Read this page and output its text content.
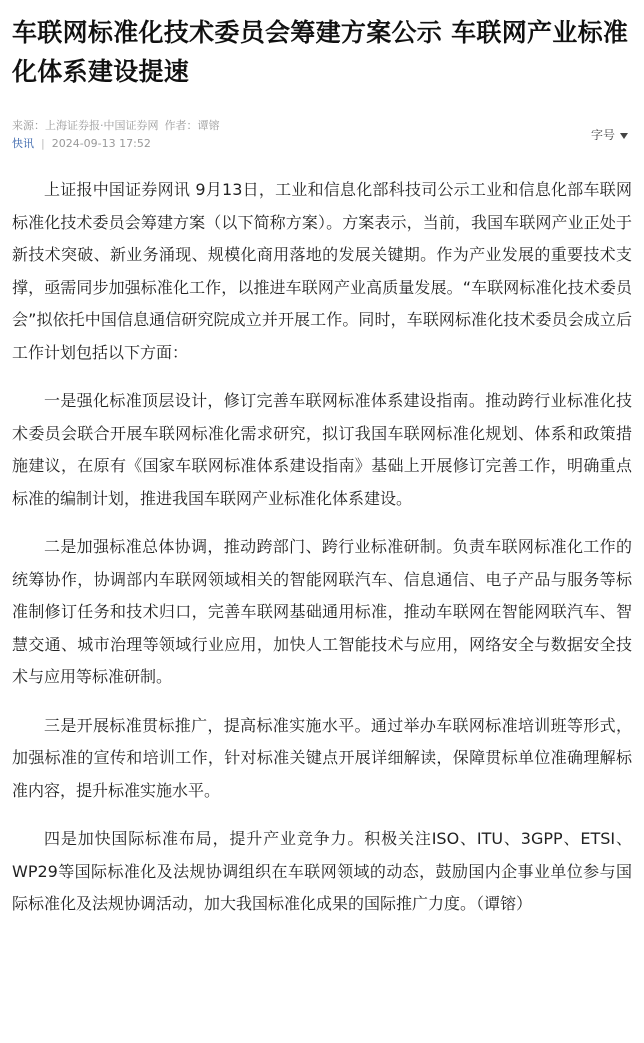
车联网标准化技术委员会筹建方案公示 车联网产业标准化体系建设提速
来源：上海证券报·中国证券网 作者：谭镕
快讯 | 2024-09-13 17:52
字号

上证报中国证券网讯 9月13日，工业和信息化部科技司公示工业和信息化部车联网标准化技术委员会筹建方案（以下简称方案）。方案表示，当前，我国车联网产业正处于新技术突破、新业务涌现、规模化商用落地的发展关键期。作为产业发展的重要技术支撑，亟需同步加强标准化工作，以推进车联网产业高质量发展。“车联网标准化技术委员会”拟依托中国信息通信研究院成立并开展工作。同时，车联网标准化技术委员会成立后工作计划包括以下方面：

一是强化标准顶层设计，修订完善车联网标准体系建设指南。推动跨行业标准化技术委员会联合开展车联网标准化需求研究，拟订我国车联网标准化规划、体系和政策措施建议，在原有《国家车联网标准体系建设指南》基础上开展修订完善工作，明确重点标准的编制计划，推进我国车联网产业标准化体系建设。

二是加强标准总体协调，推动跨部门、跨行业标准研制。负责车联网标准化工作的统筹协作，协调部内车联网领域相关的智能网联汽车、信息通信、电子产品与服务等标准制修订任务和技术归口，完善车联网基础通用标准，推动车联网在智能网联汽车、智慧交通、城市治理等领域行业应用，加快人工智能技术与应用，网络安全与数据安全技术与应用等标准研制。

三是开展标准贯标推广，提高标准实施水平。通过举办车联网标准培训班等形式，加强标准的宣传和培训工作，针对标准关键点开展详细解读，保障贯标单位准确理解标准内容，提升标准实施水平。

四是加快国际标准布局，提升产业竞争力。积极关注ISO、ITU、3GPP、ETSI、WP29等国际标准化及法规协调组织在车联网领域的动态，鼓励国内企事业单位参与国际标准化及法规协调活动，加大我国标准化成果的国际推广力度。（谭镕）
